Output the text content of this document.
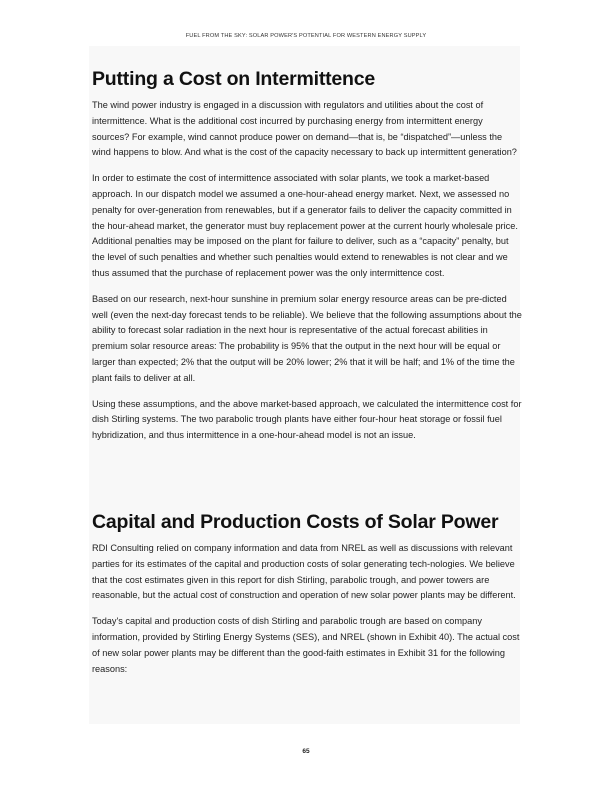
FUEL FROM THE SKY: SOLAR POWER'S POTENTIAL FOR WESTERN ENERGY SUPPLY
Putting a Cost on Intermittence

The wind power industry is engaged in a discussion with regulators and utilities about the cost of intermittence. What is the additional cost incurred by purchasing energy from intermittent energy sources? For example, wind cannot produce power on demand—that is, be “dispatched”—unless the wind happens to blow. And what is the cost of the capacity necessary to back up intermittent generation?

In order to estimate the cost of intermittence associated with solar plants, we took a market-based approach. In our dispatch model we assumed a one-hour-ahead energy market. Next, we assessed no penalty for over-generation from renewables, but if a generator fails to deliver the capacity committed in the hour-ahead market, the generator must buy replacement power at the current hourly wholesale price. Additional penalties may be imposed on the plant for failure to deliver, such as a “capacity” penalty, but the level of such penalties and whether such penalties would extend to renewables is not clear and we thus assumed that the purchase of replacement power was the only intermittence cost.

Based on our research, next-hour sunshine in premium solar energy resource areas can be pre-dicted well (even the next-day forecast tends to be reliable). We believe that the following assumptions about the ability to forecast solar radiation in the next hour is representative of the actual forecast abilities in premium solar resource areas: The probability is 95% that the output in the next hour will be equal or larger than expected; 2% that the output will be 20% lower; 2% that it will be half; and 1% of the time the plant fails to deliver at all.

Using these assumptions, and the above market-based approach, we calculated the intermittence cost for dish Stirling systems. The two parabolic trough plants have either four-hour heat storage or fossil fuel hybridization, and thus intermittence in a one-hour-ahead model is not an issue.

Capital and Production Costs of Solar Power

RDI Consulting relied on company information and data from NREL as well as discussions with relevant parties for its estimates of the capital and production costs of solar generating tech-nologies. We believe that the cost estimates given in this report for dish Stirling, parabolic trough, and power towers are reasonable, but the actual cost of construction and operation of new solar power plants may be different.

Today's capital and production costs of dish Stirling and parabolic trough are based on company information, provided by Stirling Energy Systems (SES), and NREL (shown in Exhibit 40). The actual cost of new solar power plants may be different than the good-faith estimates in Exhibit 31 for the following reasons:

65
